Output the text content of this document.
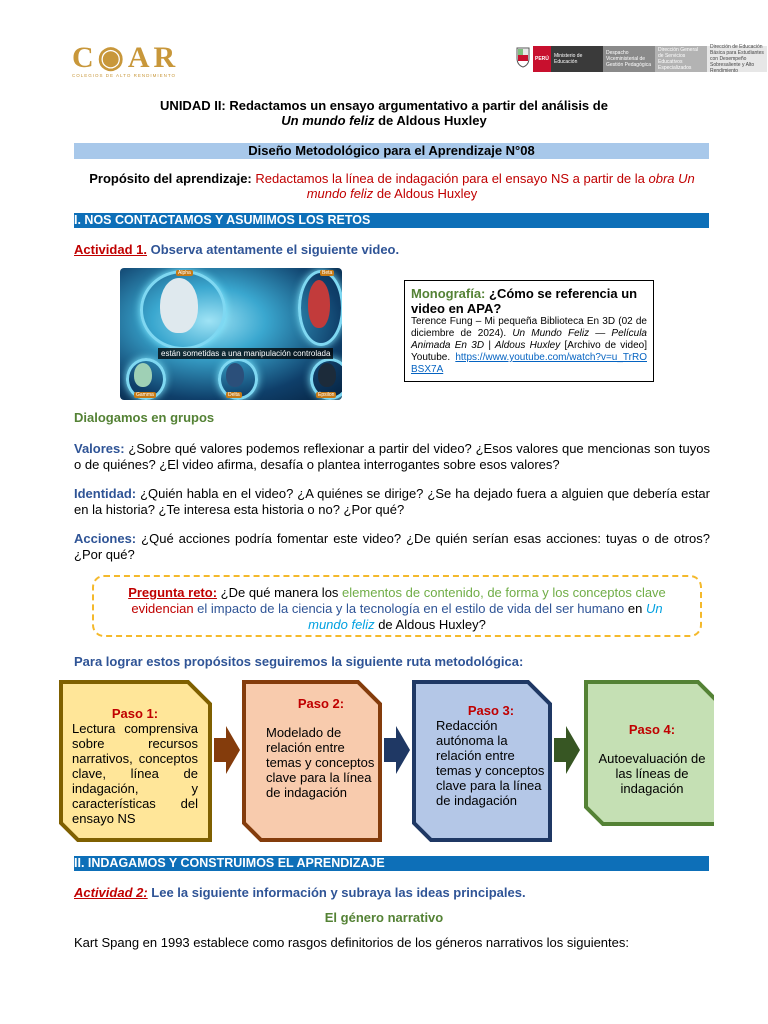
C◉AR
COLEGIOS DE ALTO RENDIMIENTO
PERÚ	Ministerio de Educación
Despacho Viceministerial de Gestión Pedagógica
Dirección General de Servicios Educativos Especializados
Dirección de Educación Básica para Estudiantes con Desempeño Sobresaliente y Alto Rendimiento
UNIDAD II: Redactamos un ensayo argumentativo a partir del análisis de
Un mundo feliz de Aldous Huxley
Diseño Metodológico para el Aprendizaje N°08
Propósito del aprendizaje: Redactamos la línea de indagación para el ensayo NS a partir de la obra Un mundo feliz de Aldous Huxley
I. NOS CONTACTAMOS Y ASUMIMOS LOS RETOS
Actividad 1. Observa atentamente el siguiente video.
Alpha	Beta
Gamma	Delta	Épsilon
están sometidas a una manipulación controlada
Monografía: ¿Cómo se referencia un video en APA?
Terence Fung – Mi pequeña Biblioteca En 3D (02 de diciembre de 2024). Un Mundo Feliz — Película Animada En 3D | Aldous Huxley [Archivo de video] Youtube. https://www.youtube.com/watch?v=u_TrROBSX7A
Dialogamos en grupos
Valores: ¿Sobre qué valores podemos reflexionar a partir del video? ¿Esos valores que mencionas son tuyos o de quiénes? ¿El video afirma, desafía o plantea interrogantes sobre esos valores?
Identidad: ¿Quién habla en el video? ¿A quiénes se dirige? ¿Se ha dejado fuera a alguien que debería estar en la historia? ¿Te interesa esta historia o no? ¿Por qué?
Acciones: ¿Qué acciones podría fomentar este video? ¿De quién serían esas acciones: tuyas o de otros? ¿Por qué?
Pregunta reto: ¿De qué manera los elementos de contenido, de forma y los conceptos clave evidencian el impacto de la ciencia y la tecnología en el estilo de vida del ser humano en Un mundo feliz de Aldous Huxley?
Para lograr estos propósitos seguiremos la siguiente ruta metodológica:
Paso 1:
Lectura comprensiva sobre recursos narrativos, conceptos clave, línea de indagación, y características del ensayo NS
Paso 2:
Modelado de relación entre temas y conceptos clave para la línea de indagación
Paso 3:
Redacción autónoma la relación entre temas y conceptos clave para la línea de indagación
Paso 4:
Autoevaluación de las líneas de indagación
II. INDAGAMOS Y CONSTRUIMOS EL APRENDIZAJE
Actividad 2: Lee la siguiente información y subraya las ideas principales.
El género narrativo
Kart Spang en 1993 establece como rasgos definitorios de los géneros narrativos los siguientes:
